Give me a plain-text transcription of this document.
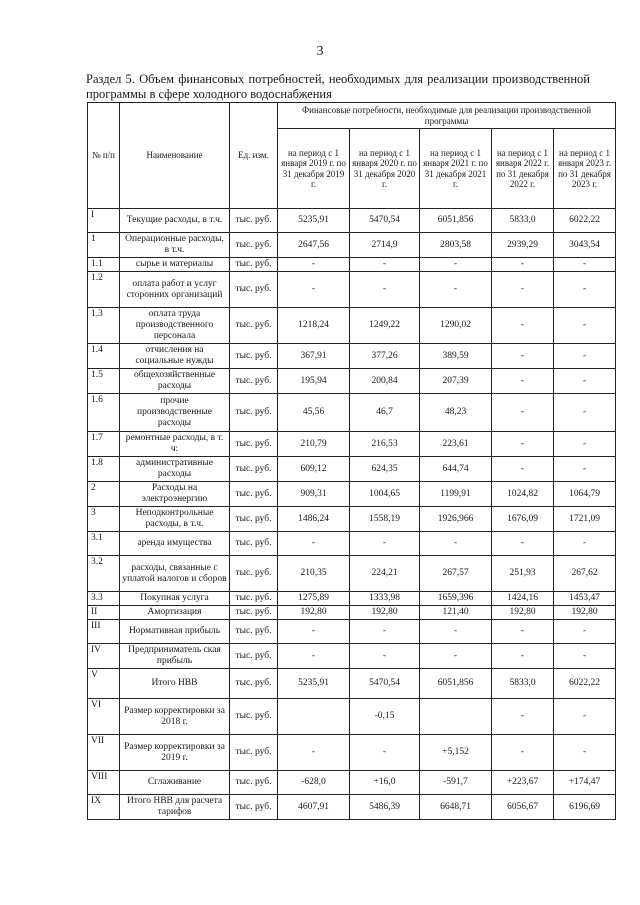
3
Раздел 5. Объем финансовых потребностей, необходимых для реализации производственной программы в сфере холодного водоснабжения
№ п/п	Наименование	Ед. изм.	Финансовые потребности, необходимые для реализации производственной программы				
			на период с 1 января 2019 г. по 31 декабря 2019 г.	на период с 1 января 2020 г. по 31 декабря 2020 г.	на период с 1 января 2021 г. по 31 декабря 2021 г.	на период с 1 января 2022 г. по 31 декабря 2022 г.	на период с 1 января 2023 г. по 31 декабря 2023 г.
I	Текущие расходы, в т.ч.	тыс. руб.	5235,91	5470,54	6051,856	5833,0	6022,22
1	Операционные расходы, в т.ч.	тыс. руб.	2647,56	2714,9	2803,58	2939,29	3043,54
1.1	сырье и материалы	тыс. руб.	-	-	-	-	-
1.2	оплата работ и услуг сторонних организаций	тыс. руб.	-	-	-	-	-
1.3	оплата труда производственного персонала	тыс. руб.	1218,24	1249,22	1290,02	-	-
1.4	отчисления на социальные нужды	тыс. руб.	367,91	377,26	389,59	-	-
1.5	общехозяйственные расходы	тыс. руб.	195,94	200,84	207,39	-	-
1.6	прочие производственные расходы	тыс. руб.	45,56	46,7	48,23	-	-
1.7	ремонтные расходы, в т. ч:	тыс. руб.	210,79	216,53	223,61	-	-
1.8	административные расходы	тыс. руб.	609,12	624,35	644,74	-	-
2	Расходы на электроэнергию	тыс. руб.	909,31	1004,65	1199,91	1024,82	1064,79
3	Неподконтрольные расходы, в т.ч.	тыс. руб.	1486,24	1558,19	1926,966	1676,09	1721,09
3.1	аренда имущества	тыс. руб.	-	-	-	-	-
3.2	расходы, связанные с уплатой налогов и сборов	тыс. руб.	210,35	224,21	267,57	251,93	267,62
3.3	Покупная услуга	тыс. руб.	1275,89	1333,98	1659,396	1424,16	1453,47
II	Амортизация	тыс. руб.	192,80	192,80	121,40	192,80	192,80
III	Нормативная прибыль	тыс. руб.	-	-	-	-	-
IV	Предприниматель ская прибыль	тыс. руб.	-	-	-	-	-
V	Итого НВВ	тыс. руб.	5235,91	5470,54	6051,856	5833,0	6022,22
VI	Размер корректировки за 2018 г.	тыс. руб.		-0,15		-	-
VII	Размер корректировки за 2019 г.	тыс. руб.	-	-	+5,152	-	-
VIII	Сглаживание	тыс. руб.	-628,0	+16,0	-591,7	+223,67	+174,47
IX	Итого НВВ для расчета тарифов	тыс. руб.	4607,91	5486,39	6648,71	6056,67	6196,69
